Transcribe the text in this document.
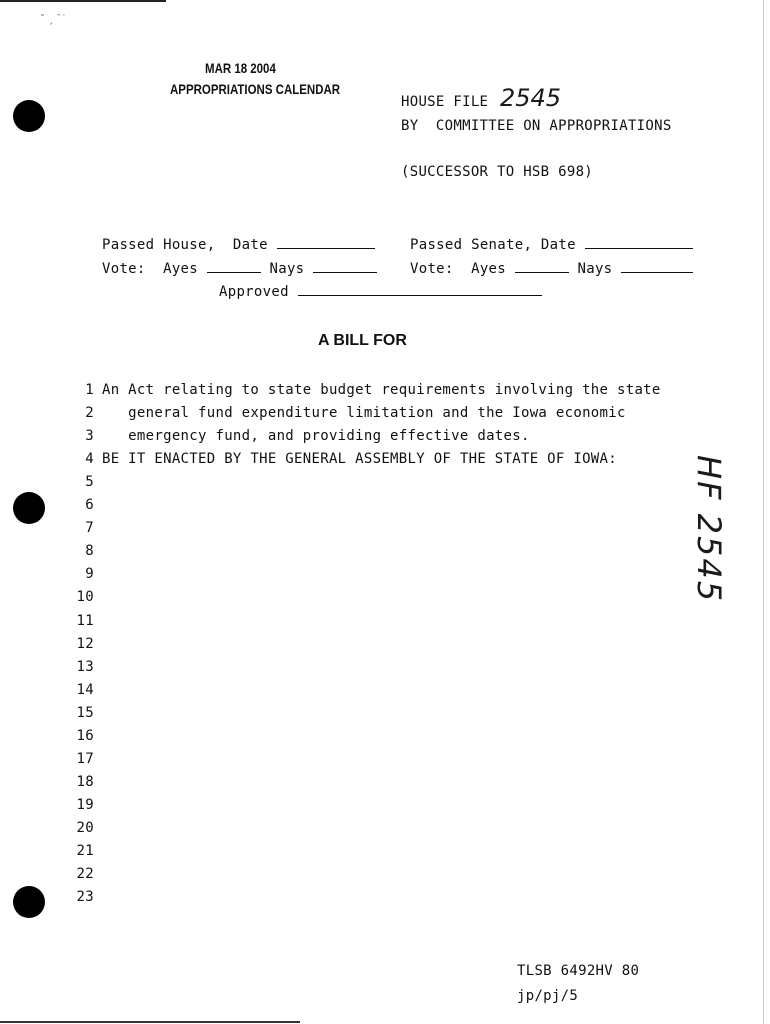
˘ ˏ ˉ˙
MAR 18 2004
APPROPRIATIONS CALENDAR
HOUSE FILE 2545
BY  COMMITTEE ON APPROPRIATIONS
(SUCCESSOR TO HSB 698)
Passed House,  Date	Passed Senate, Date
Vote:  Ayes	Nays	Vote:  Ayes	Nays
Approved
A BILL FOR
1 An Act relating to state budget requirements involving the state
2 general fund expenditure limitation and the Iowa economic
3 emergency fund, and providing effective dates.
4 BE IT ENACTED BY THE GENERAL ASSEMBLY OF THE STATE OF IOWA:
5
6
7
8
9
10
11
12
13
14
15
16
17
18
19
20
21
22
23
HF 2545
TLSB 6492HV 80
jp/pj/5
